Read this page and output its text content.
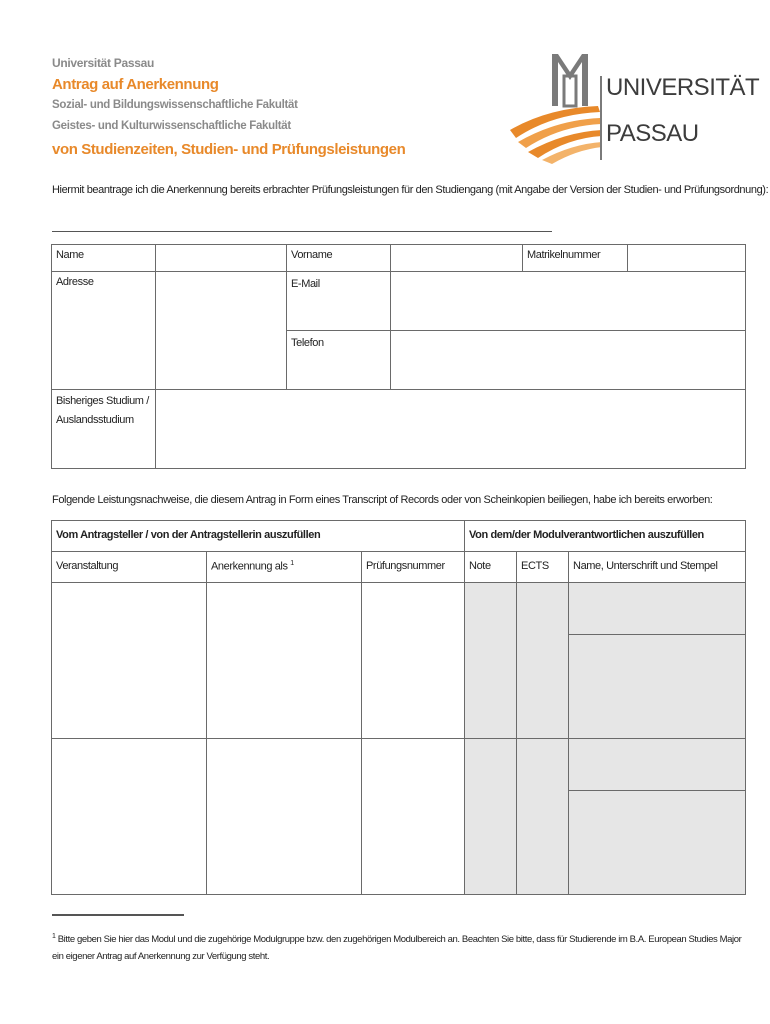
Universität Passau
Antrag auf Anerkennung
Sozial- und Bildungswissenschaftliche Fakultät
Geistes- und Kulturwissenschaftliche Fakultät
von Studienzeiten, Studien- und Prüfungsleistungen
UNIVERSITÄT
PASSAU
Hiermit beantrage ich die Anerkennung bereits erbrachter Prüfungsleistungen für den Studiengang (mit Angabe der Version der Studien- und Prüfungsordnung):
Name		Vorname		Matrikelnummer	

Adresse		E-Mail			

		Telefon			

Bisheriges Studium / Auslandsstudium					

Folgende Leistungsnachweise, die diesem Antrag in Form eines Transcript of Records oder von Scheinkopien beiliegen, habe ich bereits erworben:
Vom Antragsteller / von der Antragstellerin auszufüllen			Von dem/der Modulverantwortlichen auszufüllen		

Veranstaltung	Anerkennung als $^1$	Prüfungsnummer	Note	ECTS	Name, Unterschrift und Stempel

$^1$ Bitte geben Sie hier das Modul und die zugehörige Modulgruppe bzw. den zugehörigen Modulbereich an. Beachten Sie bitte, dass für Studierende im B.A. European Studies Major ein eigener Antrag auf Anerkennung zur Verfügung steht.
